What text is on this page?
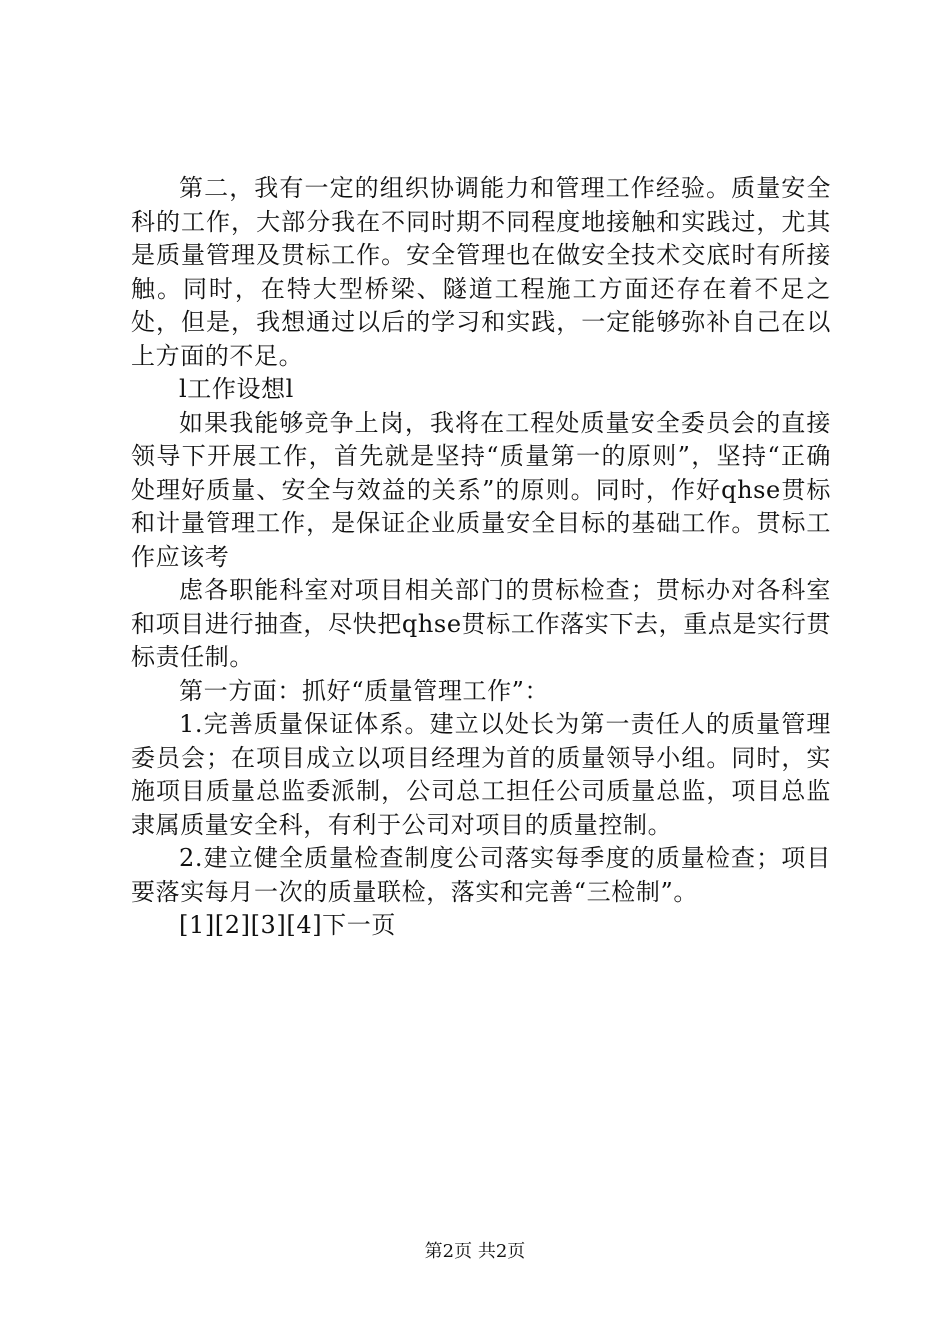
第二，我有一定的组织协调能力和管理工作经验。质量安全科的工作，大部分我在不同时期不同程度地接触和实践过，尤其是质量管理及贯标工作。安全管理也在做安全技术交底时有所接触。同时，在特大型桥梁、隧道工程施工方面还存在着不足之处，但是，我想通过以后的学习和实践，一定能够弥补自己在以上方面的不足。

l工作设想l

如果我能够竞争上岗，我将在工程处质量安全委员会的直接领导下开展工作，首先就是坚持“质量第一的原则”，坚持“正确处理好质量、安全与效益的关系”的原则。同时，作好qhse贯标和计量管理工作，是保证企业质量安全目标的基础工作。贯标工作应该考

虑各职能科室对项目相关部门的贯标检查；贯标办对各科室和项目进行抽查，尽快把qhse贯标工作落实下去，重点是实行贯标责任制。

第一方面：抓好“质量管理工作”：

1.完善质量保证体系。建立以处长为第一责任人的质量管理委员会；在项目成立以项目经理为首的质量领导小组。同时，实施项目质量总监委派制，公司总工担任公司质量总监，项目总监隶属质量安全科，有利于公司对项目的质量控制。

2.建立健全质量检查制度公司落实每季度的质量检查；项目要落实每月一次的质量联检，落实和完善“三检制”。

[1][2][3][4]下一页

第2页 共2页
